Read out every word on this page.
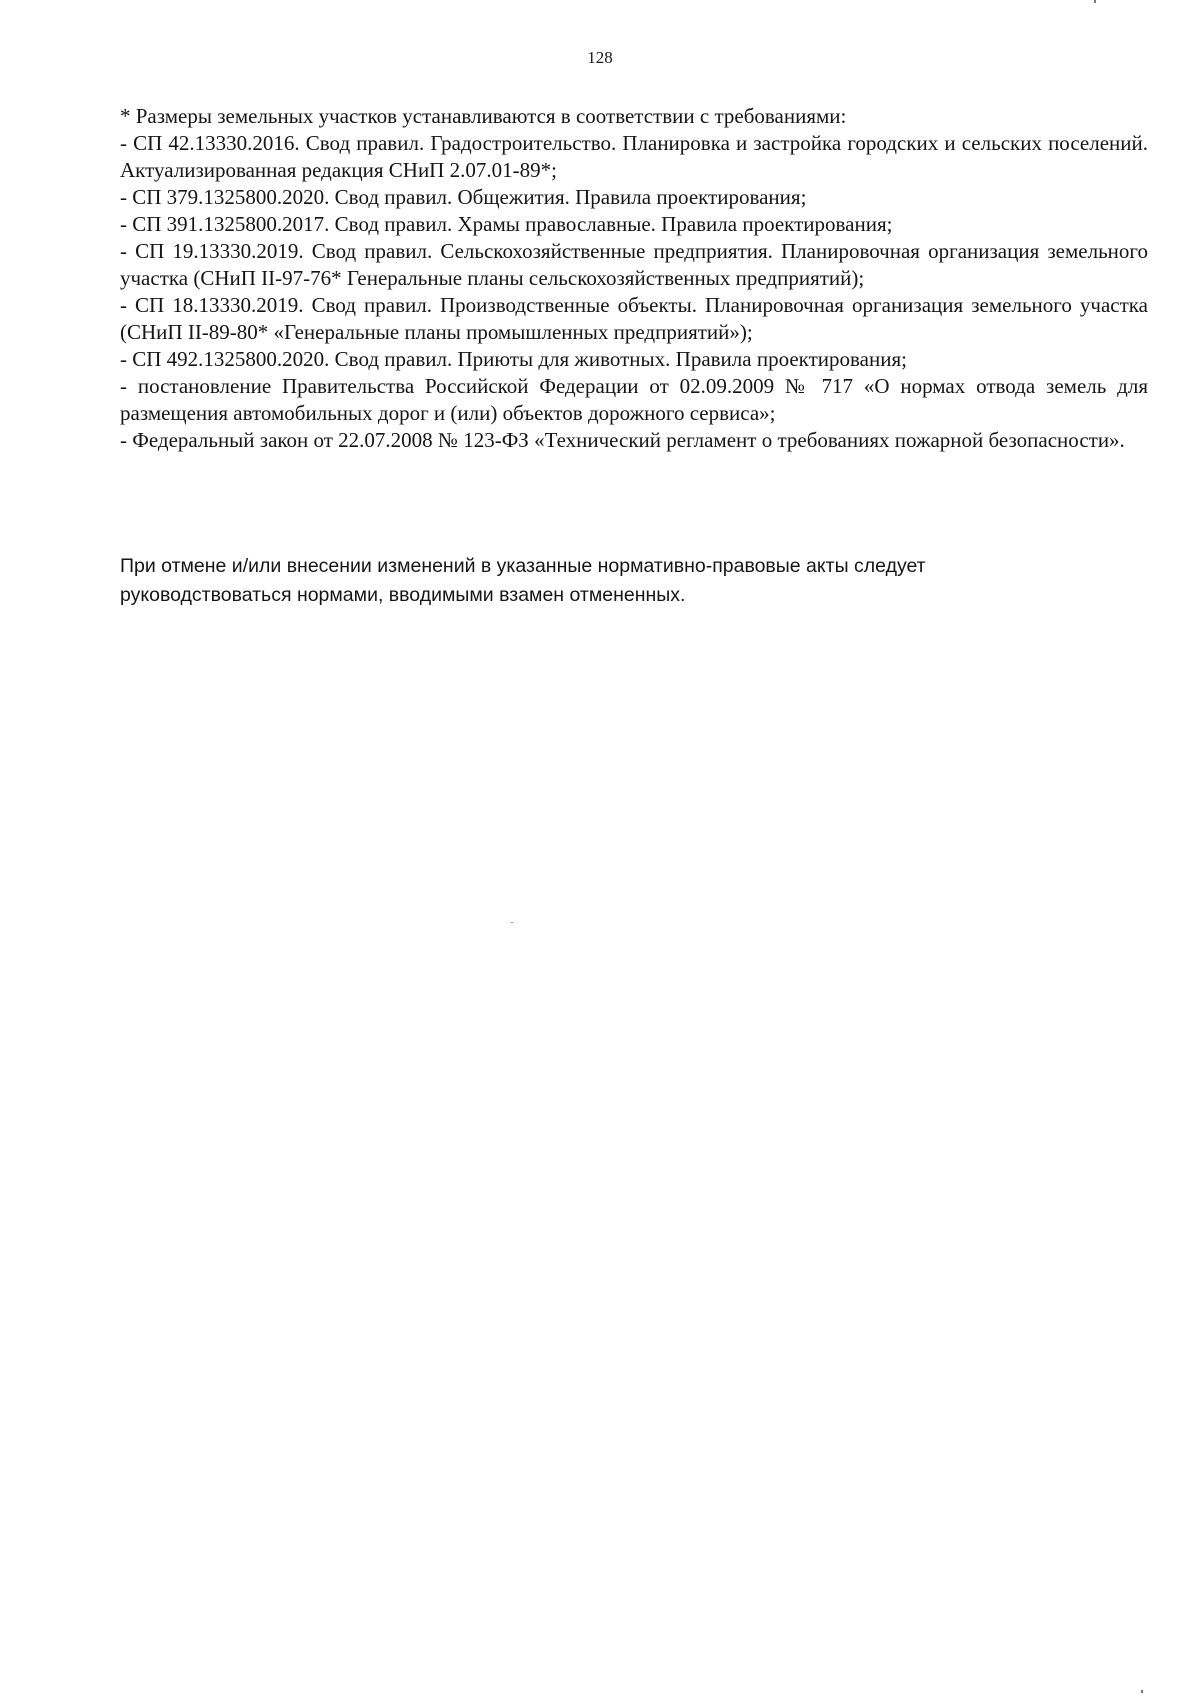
128

* Размеры земельных участков устанавливаются в соответствии с требованиями:

- СП 42.13330.2016. Свод правил. Градостроительство. Планировка и застройка городских и сельских поселений. Актуализированная редакция СНиП 2.07.01-89*;
- СП 379.1325800.2020. Свод правил. Общежития. Правила проектирования;
- СП 391.1325800.2017. Свод правил. Храмы православные. Правила проектирования;
- СП 19.13330.2019. Свод правил. Сельскохозяйственные предприятия. Планировочная организация земельного участка (СНиП II-97-76* Генеральные планы сельскохозяйственных предприятий);
- СП 18.13330.2019. Свод правил. Производственные объекты. Планировочная организация земельного участка (СНиП II-89-80* «Генеральные планы промышленных предприятий»);
- СП 492.1325800.2020. Свод правил. Приюты для животных. Правила проектирования;
- постановление Правительства Российской Федерации от 02.09.2009 № 717 «О нормах отвода земель для размещения автомобильных дорог и (или) объектов дорожного сервиса»;
- Федеральный закон от 22.07.2008 № 123-ФЗ «Технический регламент о требованиях пожарной безопасности».

При отмене и/или внесении изменений в указанные нормативно-правовые акты следует руководствоваться нормами, вводимыми взамен отмененных.
